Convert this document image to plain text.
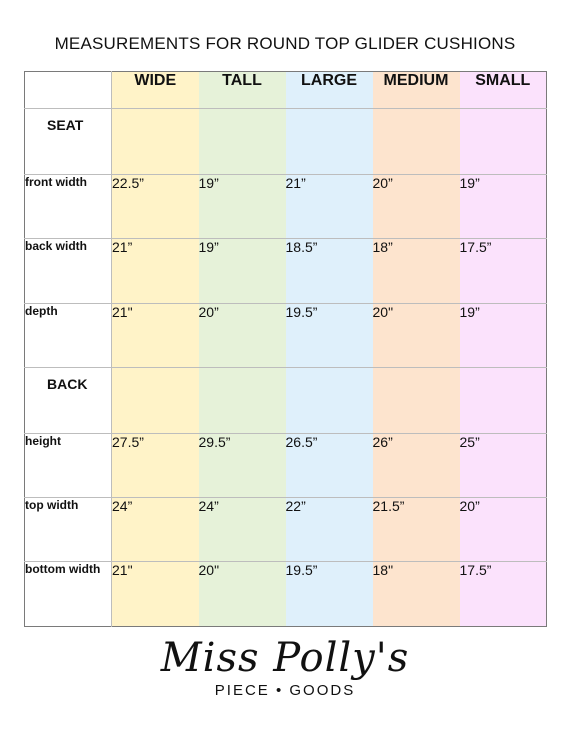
MEASUREMENTS FOR ROUND TOP GLIDER CUSHIONS
	WIDE	TALL	LARGE	MEDIUM	SMALL
SEAT					
front width	22.5”	19”	21”	20”	19”
back width	21”	19”	18.5”	18”	17.5”
depth	21"	20”	19.5”	20"	19”
BACK					
height	27.5”	29.5”	26.5”	26”	25”
top width	24”	24”	22”	21.5”	20”
bottom width	21"	20"	19.5”	18"	17.5”
Miss Polly's
PIECE • GOODS
